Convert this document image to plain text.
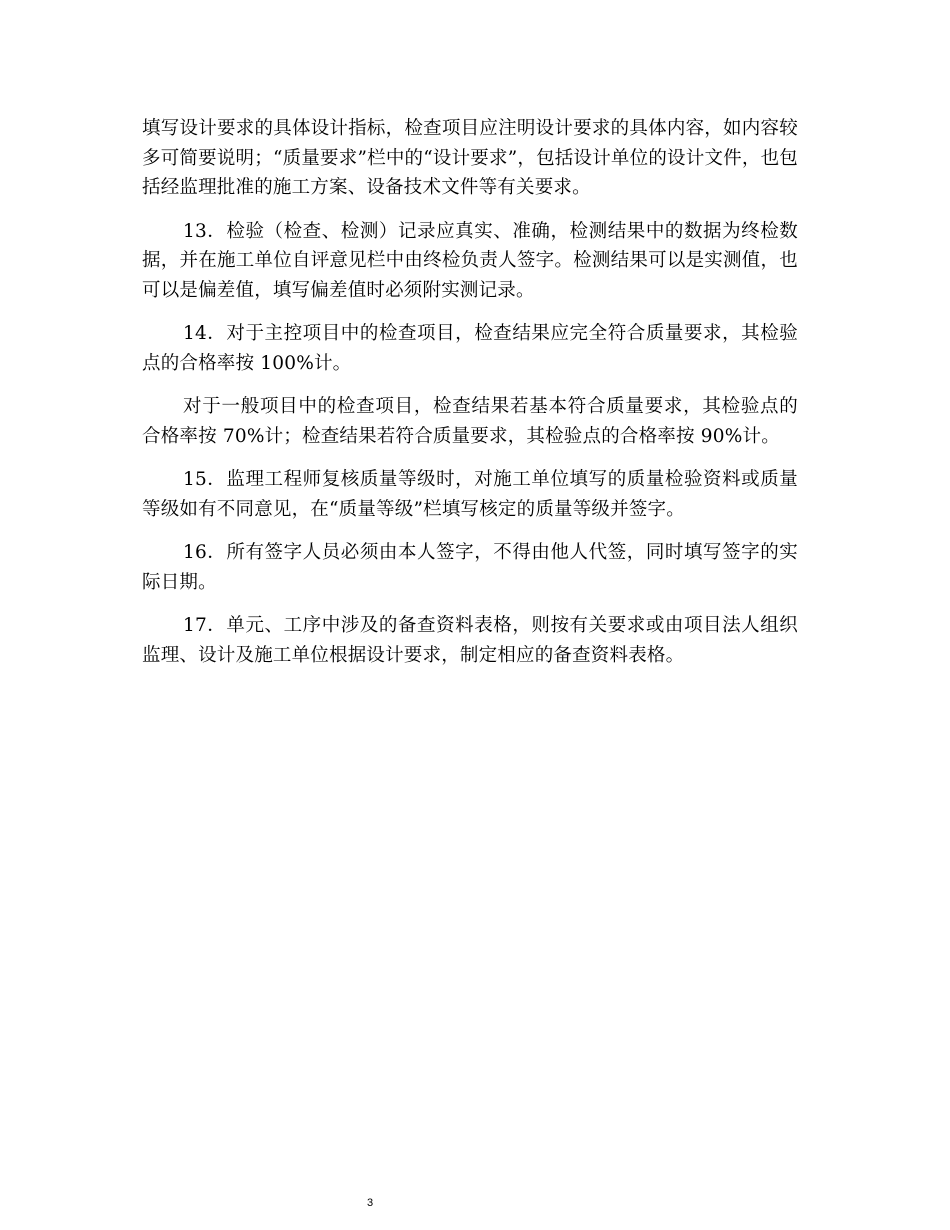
填写设计要求的具体设计指标，检查项目应注明设计要求的具体内容，如内容较多可简要说明；“质量要求”栏中的“设计要求”，包括设计单位的设计文件，也包括经监理批准的施工方案、设备技术文件等有关要求。

13．检验（检查、检测）记录应真实、准确，检测结果中的数据为终检数据，并在施工单位自评意见栏中由终检负责人签字。检测结果可以是实测值，也可以是偏差值，填写偏差值时必须附实测记录。

14．对于主控项目中的检查项目，检查结果应完全符合质量要求，其检验点的合格率按 100%计。

对于一般项目中的检查项目，检查结果若基本符合质量要求，其检验点的合格率按 70%计；检查结果若符合质量要求，其检验点的合格率按 90%计。

15．监理工程师复核质量等级时，对施工单位填写的质量检验资料或质量等级如有不同意见，在“质量等级”栏填写核定的质量等级并签字。

16．所有签字人员必须由本人签字，不得由他人代签，同时填写签字的实际日期。

17．单元、工序中涉及的备查资料表格，则按有关要求或由项目法人组织监理、设计及施工单位根据设计要求，制定相应的备查资料表格。

3
